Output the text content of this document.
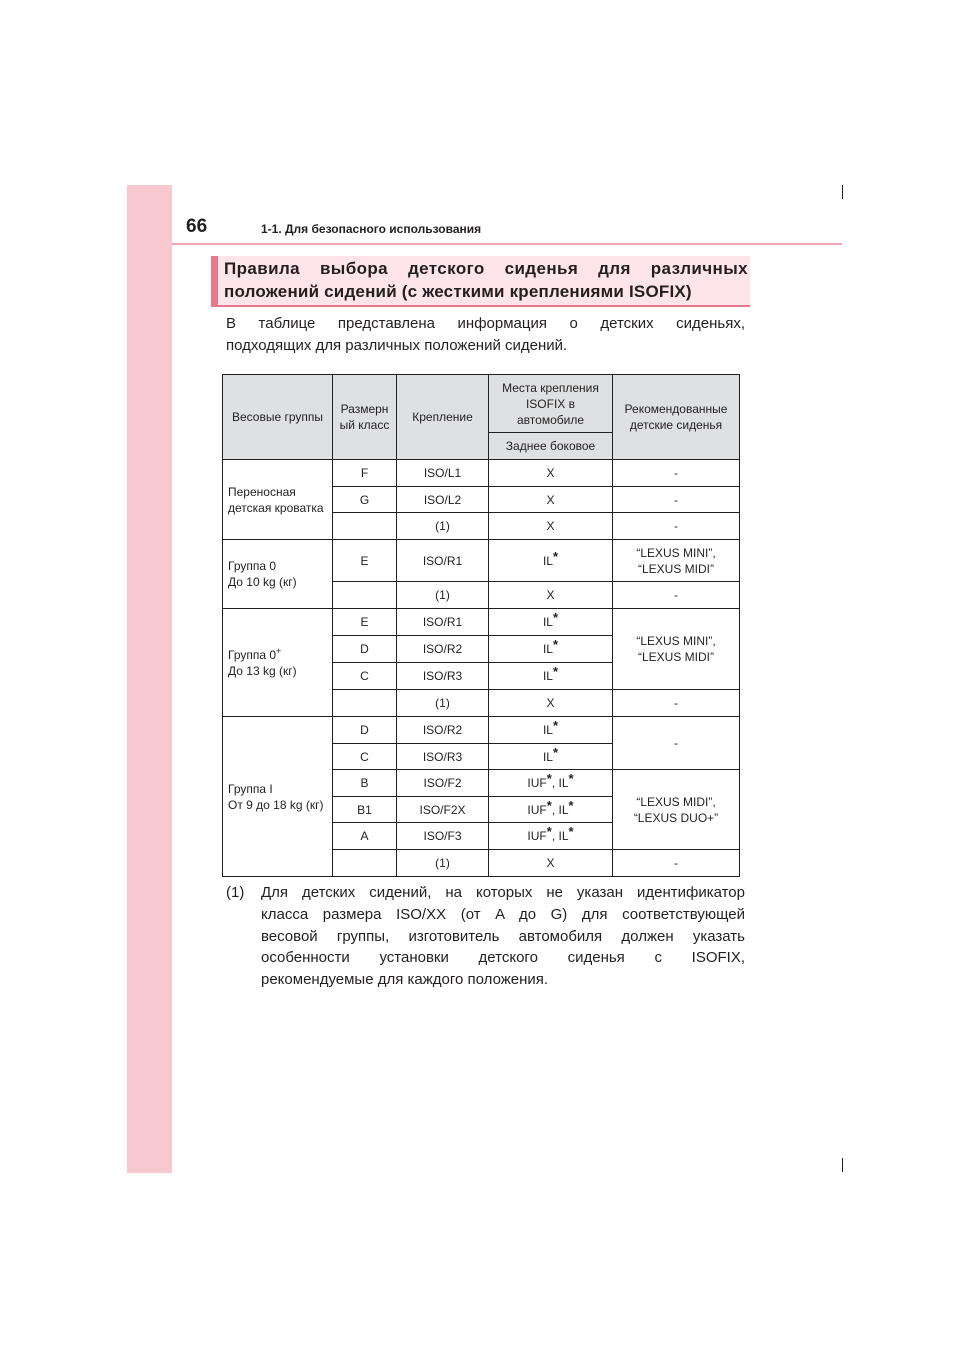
66	1-1. Для безопасного использования
Правила выбора детского сиденья для различных
положений сидений (с жесткими креплениями ISOFIX)
В таблице представлена информация о детских сиденьях,
подходящих для различных положений сидений.
Весовые группы	Размерн ый класс	Крепление	Места крепления ISOFIX в автомобиле	Рекомендованные детские сиденья
			Заднее боковое	
Переносная детская кроватка	F	ISO/L1	X	-
	G	ISO/L2	X	-
		(1)	X	-
Группа 0
До 10 kg (кг)	E	ISO/R1	IL*	“LEXUS MINI”, “LEXUS MIDI”
		(1)	X	-
Группа 0+
До 13 kg (кг)	E	ISO/R1	IL*	“LEXUS MINI”, “LEXUS MIDI”
	D	ISO/R2	IL*
	C	ISO/R3	IL*
		(1)	X	-
Группа I
От 9 до 18 kg (кг)	D	ISO/R2	IL*	-
	C	ISO/R3	IL*
	B	ISO/F2	IUF*, IL*	“LEXUS MIDI”, “LEXUS DUO+”
	B1	ISO/F2X	IUF*, IL*
	A	ISO/F3	IUF*, IL*
		(1)	X	-
(1) Для детских сидений, на которых не указан идентификатор
класса размера ISO/XX (от A до G) для соответствующей
весовой группы, изготовитель автомобиля должен указать
особенности установки детского сиденья с ISOFIX,
рекомендуемые для каждого положения.
